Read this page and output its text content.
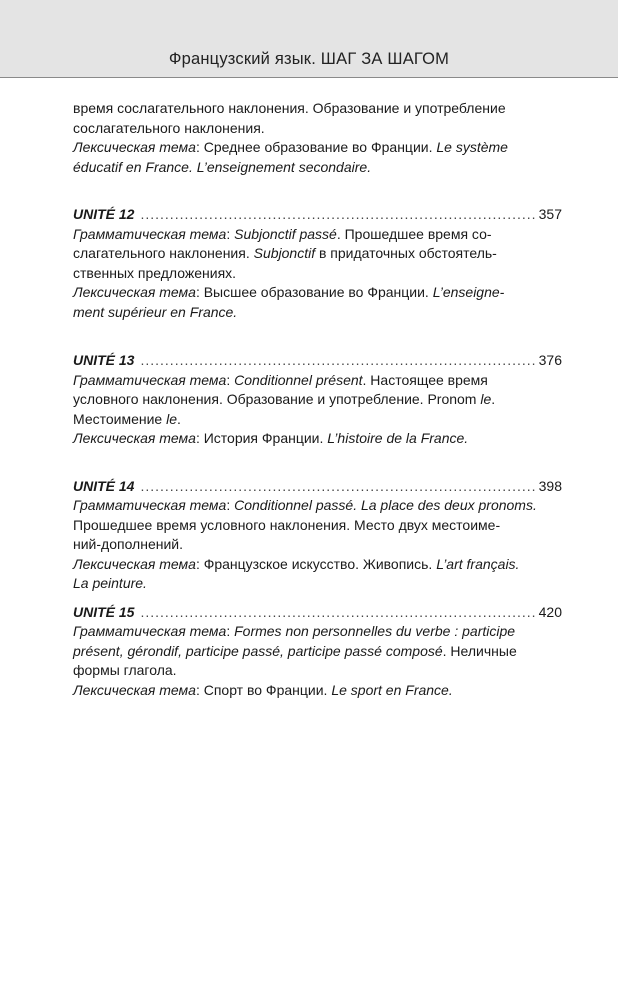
Французский язык. ШАГ ЗА ШАГОМ

время сослагательного наклонения. Образование и употребление

сослагательного наклонения.

Лексическая тема: Среднее образование во Франции. Le système

éducatif en France. L’enseignement secondaire.

UNITÉ 12 .....	357

Грамматическая тема: Subjonctif passé. Прошедшее время со-

слагательного наклонения. Subjonctif в придаточных обстоятель-

ственных предложениях.

Лексическая тема: Высшее образование во Франции. L’enseigne-

ment supérieur en France.

UNITÉ 13 .....	376

Грамматическая тема: Conditionnel présent. Настоящее время

условного наклонения. Образование и употребление. Pronom le.

Местоимение le.

Лексическая тема: История Франции. L’histoire de la France.

UNITÉ 14 .....	398

Грамматическая тема: Conditionnel passé. La place des deux pronoms.

Прошедшее время условного наклонения. Место двух местоиме-

ний-дополнений.

Лексическая тема: Французское искусство. Живопись. L’art français.

La peinture.

UNITÉ 15 .....	420

Грамматическая тема: Formes non personnelles du verbe : participe

présent, gérondif, participe passé, participe passé composé. Неличные

формы глагола.

Лексическая тема: Спорт во Франции. Le sport en France.
